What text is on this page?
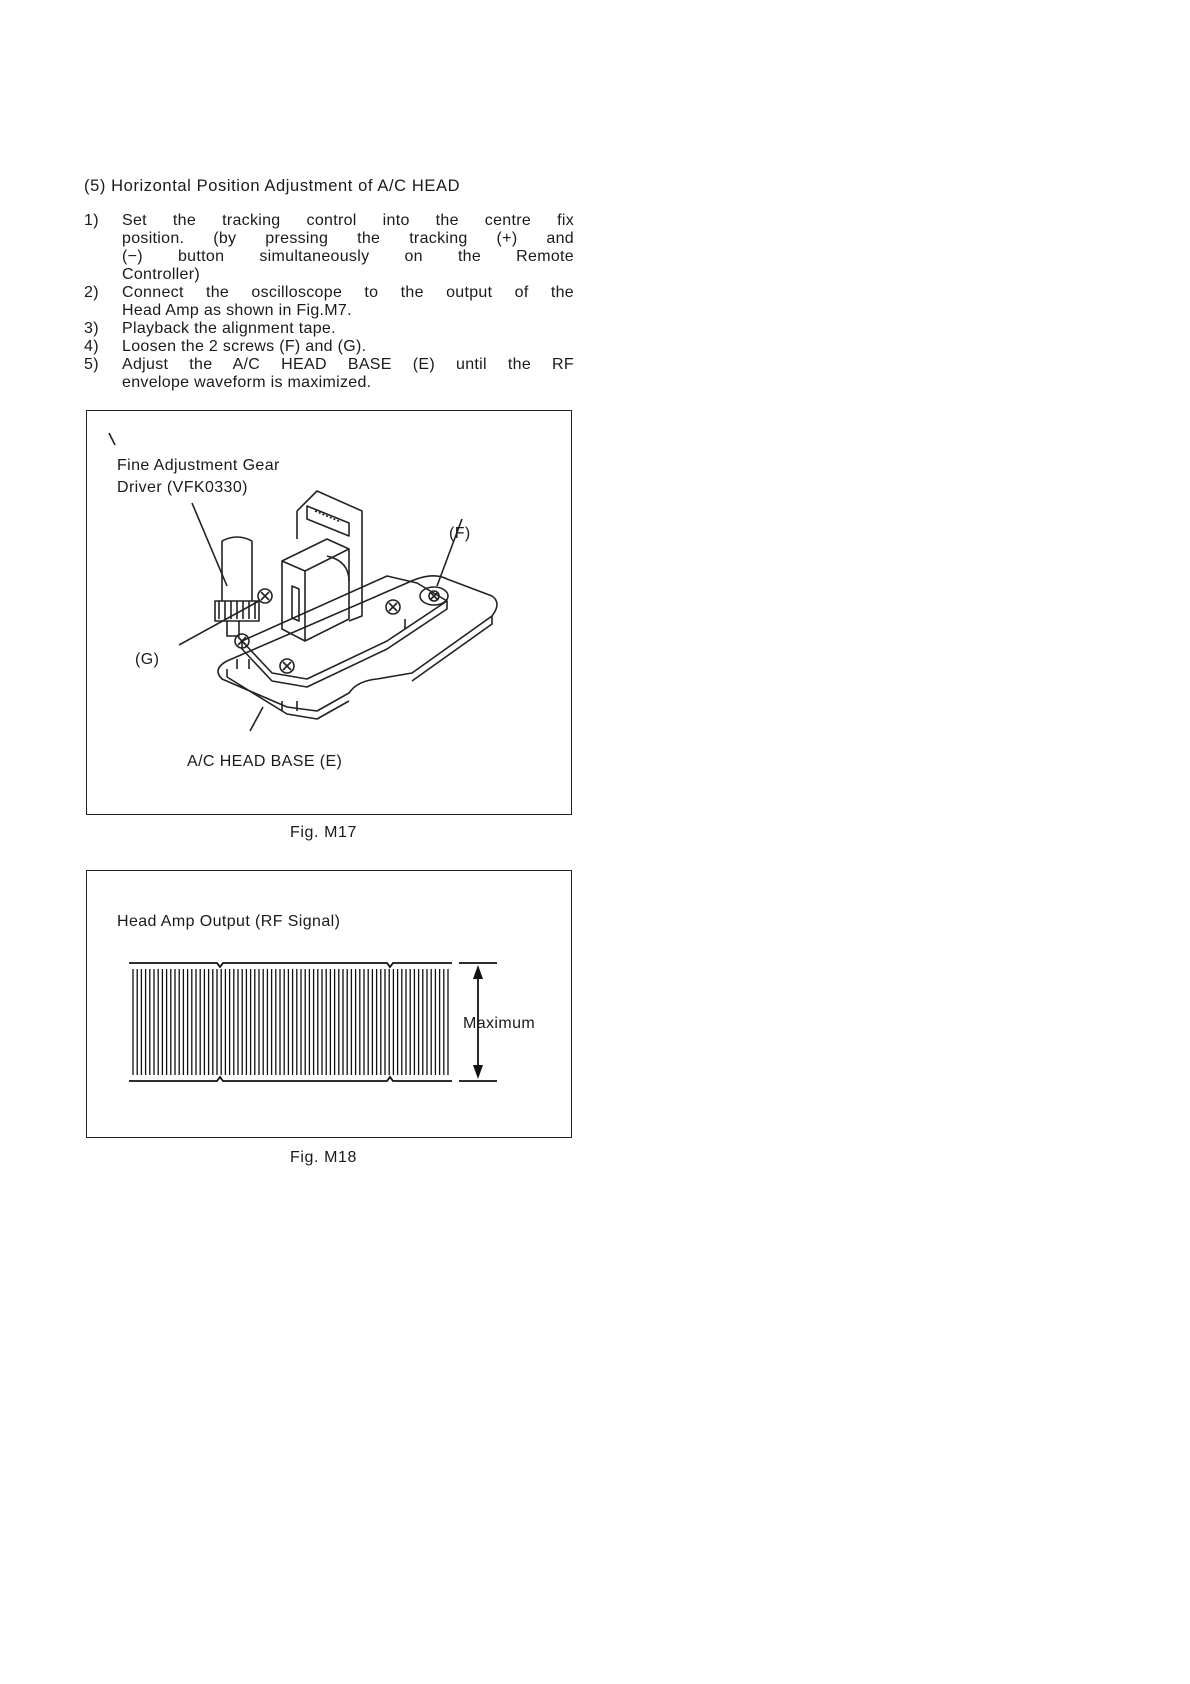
(5) Horizontal Position Adjustment of A/C HEAD
1)	Set the tracking control into the centre fix
position. (by pressing the tracking (+) and
(−) button simultaneously on the Remote
Controller)
2)	Connect the oscilloscope to the output of the
Head Amp as shown in Fig.M7.
3)	Playback the alignment tape.
4)	Loosen the 2 screws (F) and (G).
5)	Adjust the A/C HEAD BASE (E) until the RF
envelope waveform is maximized.
Fine Adjustment Gear
Driver (VFK0330)
(F)
(G)
A/C HEAD BASE (E)
Fig. M17
Head Amp Output (RF Signal)
Maximum
Fig. M18
